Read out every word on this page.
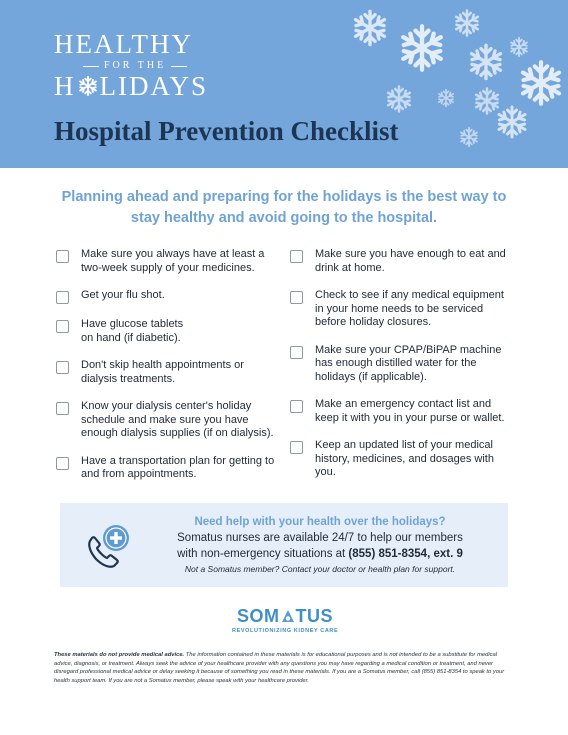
HEALTHY
FOR THE
H LIDAYS
Hospital Prevention Checklist
Planning ahead and preparing for the holidays is the best way to stay healthy and avoid going to the hospital.
Make sure you always have at least a two-week supply of your medicines.
Get your flu shot.
Have glucose tablets on hand (if diabetic).
Don't skip health appointments or dialysis treatments.
Know your dialysis center's holiday schedule and make sure you have enough dialysis supplies (if on dialysis).
Have a transportation plan for getting to and from appointments.
Make sure you have enough to eat and drink at home.
Check to see if any medical equipment in your home needs to be serviced before holiday closures.
Make sure your CPAP/BiPAP machine has enough distilled water for the holidays (if applicable).
Make an emergency contact list and keep it with you in your purse or wallet.
Keep an updated list of your medical history, medicines, and dosages with you.
Need help with your health over the holidays?
Somatus nurses are available 24/7 to help our members
with non-emergency situations at (855) 851-8354, ext. 9
Not a Somatus member? Contact your doctor or health plan for support.
SOM TUS
REVOLUTIONIZING KIDNEY CARE
These materials do not provide medical advice. The information contained in these materials is for educational purposes and is not intended to be a substitute for medical advice, diagnosis, or treatment. Always seek the advice of your healthcare provider with any questions you may have regarding a medical condition or treatment, and never disregard professional medical advice or delay seeking it because of something you read in these materials. If you are a Somatus member, call (855) 851-8354 to speak to your health support team. If you are not a Somatus member, please speak with your healthcare provider.
